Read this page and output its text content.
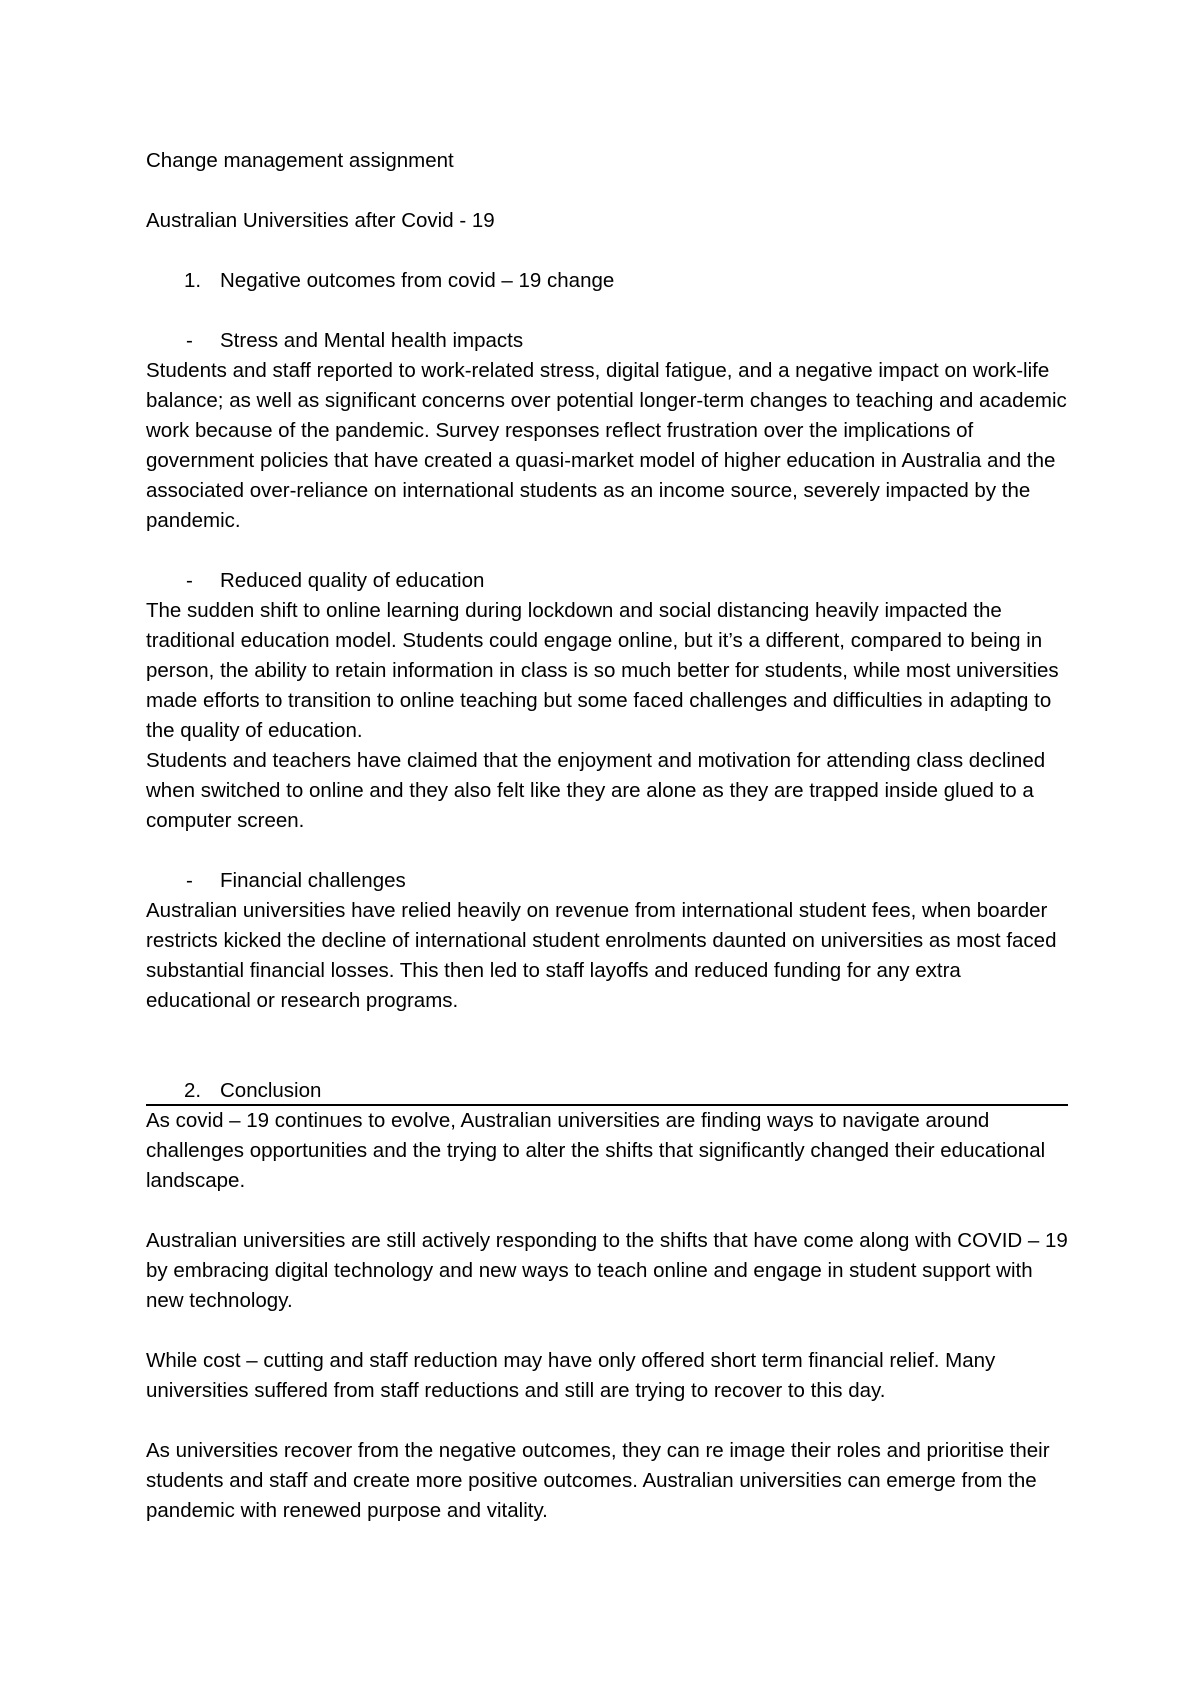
Change management assignment

Australian Universities after Covid - 19

1. Negative outcomes from covid – 19 change
- Stress and Mental health impacts

Students and staff reported to work-related stress, digital fatigue, and a negative impact on work-life balance; as well as significant concerns over potential longer-term changes to teaching and academic work because of the pandemic. Survey responses reflect frustration over the implications of government policies that have created a quasi-market model of higher education in Australia and the associated over-reliance on international students as an income source, severely impacted by the pandemic.

- Reduced quality of education

The sudden shift to online learning during lockdown and social distancing heavily impacted the traditional education model. Students could engage online, but it’s a different, compared to being in person, the ability to retain information in class is so much better for students, while most universities made efforts to transition to online teaching but some faced challenges and difficulties in adapting to the quality of education.

Students and teachers have claimed that the enjoyment and motivation for attending class declined when switched to online and they also felt like they are alone as they are trapped inside glued to a computer screen.

- Financial challenges

Australian universities have relied heavily on revenue from international student fees, when boarder restricts kicked the decline of international student enrolments daunted on universities as most faced substantial financial losses. This then led to staff layoffs and reduced funding for any extra educational or research programs.

2. Conclusion

As covid – 19 continues to evolve, Australian universities are finding ways to navigate around challenges opportunities and the trying to alter the shifts that significantly changed their educational landscape.

Australian universities are still actively responding to the shifts that have come along with COVID – 19 by embracing digital technology and new ways to teach online and engage in student support with new technology.

While cost – cutting and staff reduction may have only offered short term financial relief. Many universities suffered from staff reductions and still are trying to recover to this day.

As universities recover from the negative outcomes, they can re image their roles and prioritise their students and staff and create more positive outcomes. Australian universities can emerge from the pandemic with renewed purpose and vitality.
